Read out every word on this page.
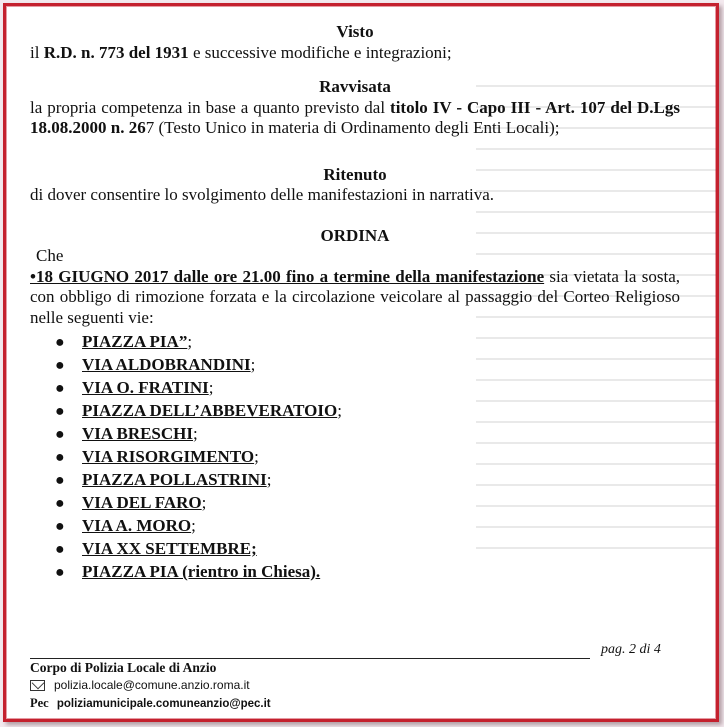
Visto
il R.D. n. 773 del 1931 e successive modifiche e integrazioni;
Ravvisata
la propria competenza in base a quanto previsto dal titolo IV - Capo III - Art. 107 del D.Lgs 18.08.2000 n. 267 (Testo Unico in materia di Ordinamento degli Enti Locali);
Ritenuto
di dover consentire lo svolgimento delle manifestazioni in narrativa.
ORDINA
Che
•18 GIUGNO 2017 dalle ore 21.00 fino a termine della manifestazione sia vietata la sosta, con obbligo di rimozione forzata e la circolazione veicolare al passaggio del Corteo Religioso nelle seguenti vie:
●	PIAZZA PIA” ;
●	VIA ALDOBRANDINI ;
●	VIA O. FRATINI ;
●	PIAZZA DELL’ABBEVERATOIO ;
●	VIA BRESCHI ;
●	VIA RISORGIMENTO ;
●	PIAZZA POLLASTRINI ;
●	VIA DEL FARO ;
●	VIA A. MORO ;
●	VIA XX SETTEMBRE;
●	PIAZZA PIA (rientro in Chiesa).
pag. 2 di 4
Corpo di Polizia Locale di Anzio
polizia.locale@comune.anzio.roma.it
Pec poliziamunicipale.comuneanzio@pec.it
